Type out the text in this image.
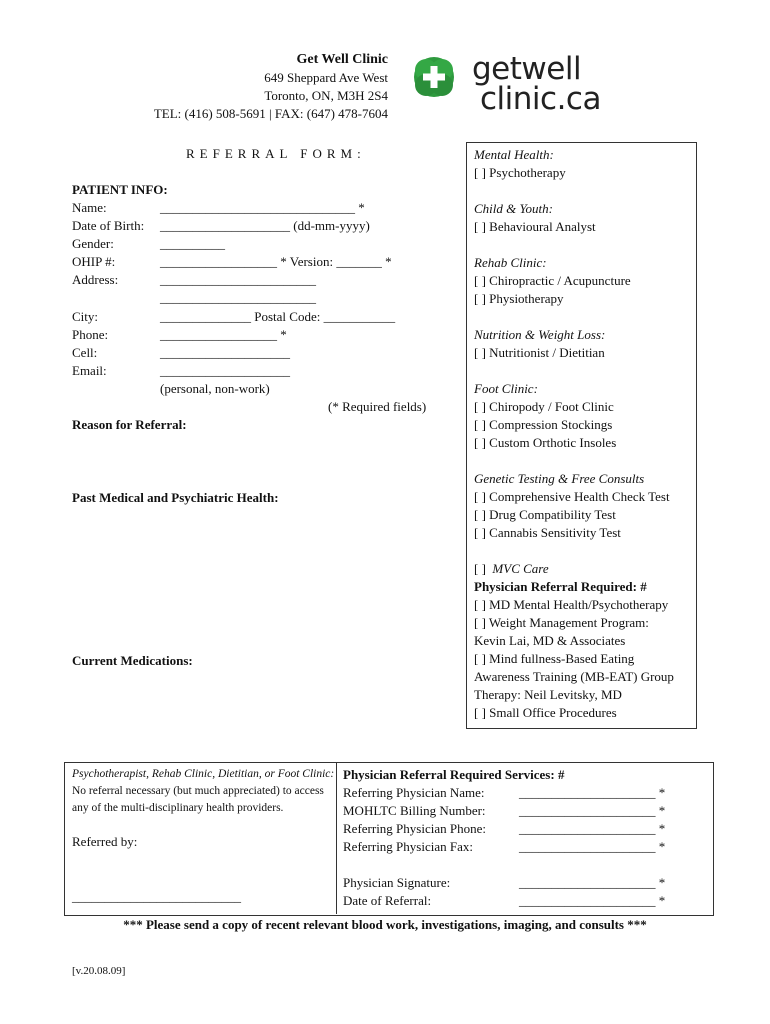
Get Well Clinic
649 Sheppard Ave West
Toronto, ON, M3H 2S4
TEL: (416) 508-5691 | FAX: (647) 478-7604
getwell
clinic.ca
REFERRAL FORM:
PATIENT INFO:
Name:	______________________________ *
Date of Birth: ____________________ (dd-mm-yyyy)
Gender:	__________
OHIP #:	__________________ * Version: _______ *
Address:	________________________
________________________
City:	______________ Postal Code: ___________
Phone:	__________________ *
Cell:	____________________
Email:	____________________
(personal, non-work)
(* Required fields)
Reason for Referral:
Past Medical and Psychiatric Health:
Current Medications:
Mental Health:
[ ] Psychotherapy
Child & Youth:
[ ] Behavioural Analyst
Rehab Clinic:
[ ] Chiropractic / Acupuncture
[ ] Physiotherapy
Nutrition & Weight Loss:
[ ] Nutritionist / Dietitian
Foot Clinic:
[ ] Chiropody / Foot Clinic
[ ] Compression Stockings
[ ] Custom Orthotic Insoles
Genetic Testing & Free Consults
[ ] Comprehensive Health Check Test
[ ] Drug Compatibility Test
[ ] Cannabis Sensitivity Test
[ ] MVC Care
Physician Referral Required: #
[ ] MD Mental Health/Psychotherapy
[ ] Weight Management Program:
Kevin Lai, MD & Associates
[ ] Mind fullness-Based Eating
Awareness Training (MB-EAT) Group
Therapy: Neil Levitsky, MD
[ ] Small Office Procedures
Psychotherapist, Rehab Clinic, Dietitian, or Foot Clinic:
No referral necessary (but much appreciated) to access any of the multi-disciplinary health providers.
Referred by:
__________________________
Physician Referral Required Services: #
Referring Physician Name:	_____________________ *
MOHLTC Billing Number:	_____________________ *
Referring Physician Phone:	_____________________ *
Referring Physician Fax:	_____________________ *
Physician Signature:	_____________________ *
Date of Referral:	_____________________ *
*** Please send a copy of recent relevant blood work, investigations, imaging, and consults ***
[v.20.08.09]
